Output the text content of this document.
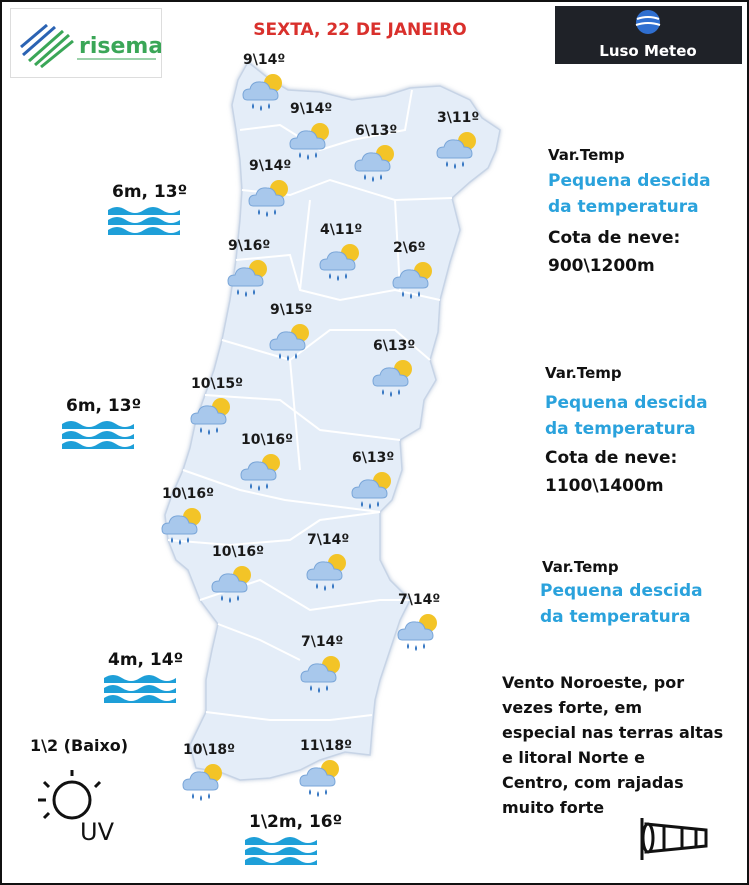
risema	Luso Meteo
SEXTA, 22 DE JANEIRO
9\14º
9\14º
6\13º
3\11º
9\14º
9\16º
4\11º
2\6º
9\15º
6\13º
10\15º
10\16º
6\13º
10\16º
10\16º
7\14º
7\14º
7\14º
10\18º	11\18º
6m, 13º
6m, 13º
4m, 14º
1\2m, 16º
Var.Temp
Pequena descida
da temperatura
Cota de neve:
900\1200m
Var.Temp
Pequena descida
da temperatura
Cota de neve:
1100\1400m
Var.Temp
Pequena descida
da temperatura
Vento Noroeste, por
vezes forte, em
especial nas terras altas
e litoral Norte e
Centro, com rajadas
muito forte
1\2 (Baixo)
UV
